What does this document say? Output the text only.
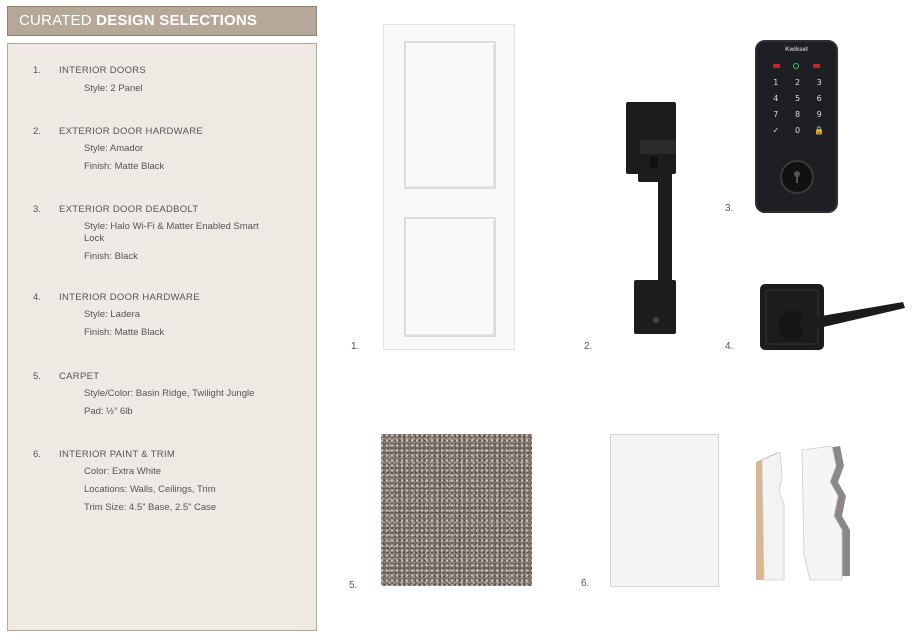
CURATED DESIGN SELECTIONS
1. INTERIOR DOORS
Style: 2 Panel
2. EXTERIOR DOOR HARDWARE
Style: Amador
Finish: Matte Black
3. EXTERIOR DOOR DEADBOLT
Style: Halo Wi-Fi & Matter Enabled Smart Lock
Finish: Black
4. INTERIOR DOOR HARDWARE
Style: Ladera
Finish: Matte Black
5. CARPET
Style/Color: Basin Ridge, Twilight Jungle
Pad: ½” 6lb
6. INTERIOR PAINT & TRIM
Color: Extra White
Locations: Walls, Ceilings, Trim
Trim Size: 4.5” Base, 2.5” Case
1.	2.
Kwikset
1	2	3
4	5	6
7	8	9
✓	0	🔒
3.
4.
5.	6.
